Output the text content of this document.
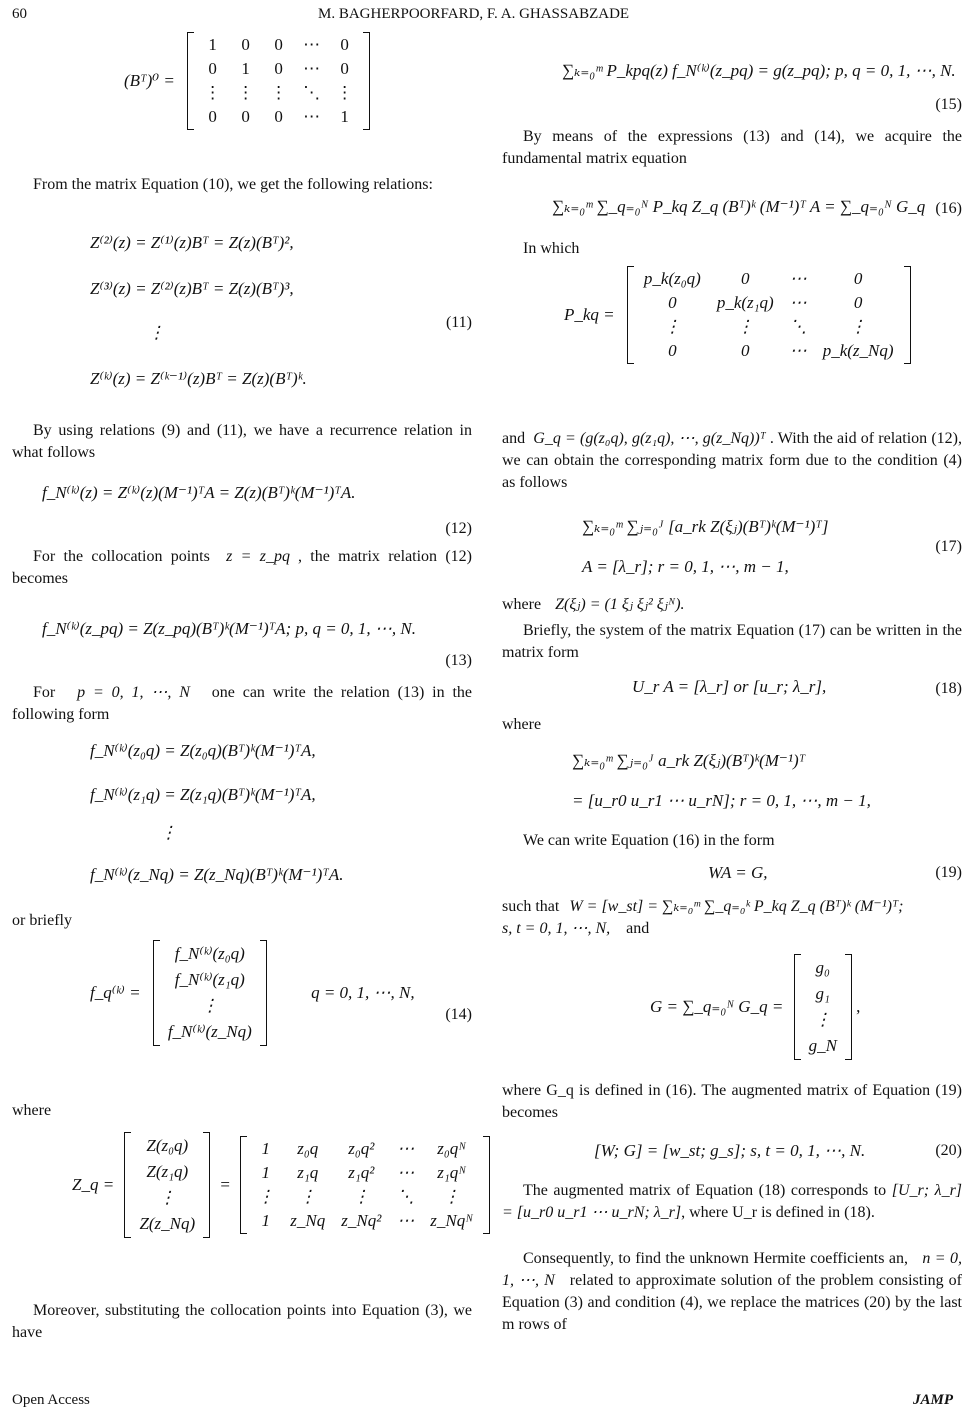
60	M. BAGHERPOORFARD, F. A. GHASSABZADE
(Bᵀ)⁰ =
1	0	0	⋯	0
0	1	0	⋯	0
⋮	⋮	⋮	⋱	⋮
0	0	0	⋯	1

From the matrix Equation (10), we get the following relations:

Z⁽²⁾(z) = Z⁽¹⁾(z)Bᵀ = Z(z)(Bᵀ)²,
Z⁽³⁾(z) = Z⁽²⁾(z)Bᵀ = Z(z)(Bᵀ)³,
⋮
Z⁽ᵏ⁾(z) = Z⁽ᵏ⁻¹⁾(z)Bᵀ = Z(z)(Bᵀ)ᵏ.
(11)

By using relations (9) and (11), we have a recurrence relation in what follows

f_N⁽ᵏ⁾(z) = Z⁽ᵏ⁾(z)(M⁻¹)ᵀA = Z(z)(Bᵀ)ᵏ(M⁻¹)ᵀA.
(12)

For the collocation points z = z_pq , the matrix relation (12) becomes

f_N⁽ᵏ⁾(z_pq) = Z(z_pq)(Bᵀ)ᵏ(M⁻¹)ᵀA; p, q = 0, 1, ⋯, N.
(13)

For p = 0, 1, ⋯, N one can write the relation (13) in the following form

f_N⁽ᵏ⁾(z₀q) = Z(z₀q)(Bᵀ)ᵏ(M⁻¹)ᵀA,
f_N⁽ᵏ⁾(z₁q) = Z(z₁q)(Bᵀ)ᵏ(M⁻¹)ᵀA,
⋮
f_N⁽ᵏ⁾(z_Nq) = Z(z_Nq)(Bᵀ)ᵏ(M⁻¹)ᵀA.

or briefly

f_q⁽ᵏ⁾ =
f_N⁽ᵏ⁾(z₀q)
f_N⁽ᵏ⁾(z₁q)
⋮
f_N⁽ᵏ⁾(z_Nq)
q = 0, 1, ⋯, N,
(14)

where

Z_q =
Z(z₀q)
Z(z₁q)
⋮
Z(z_Nq)
=
1	z₀q	z₀q²	⋯	z₀qᴺ
1	z₁q	z₁q²	⋯	z₁qᴺ
⋮	⋮	⋮	⋱	⋮
1	z_Nq	z_Nq²	⋯	z_Nqᴺ

Moreover, substituting the collocation points into Equation (3), we have

∑ₖ₌₀ᵐ P_kpq(z) f_N⁽ᵏ⁾(z_pq) = g(z_pq); p, q = 0, 1, ⋯, N.
(15)

By means of the expressions (13) and (14), we acquire the fundamental matrix equation

∑ₖ₌₀ᵐ ∑_q₌₀ᴺ P_kq Z_q (Bᵀ)ᵏ (M⁻¹)ᵀ A = ∑_q₌₀ᴺ G_q (16)

In which

P_kq =
p_k(z₀q)	0	⋯	0
0	p_k(z₁q)	⋯	0
⋮	⋮	⋱	⋮
0	0	⋯	p_k(z_Nq)

and G_q = (g(z₀q), g(z₁q), ⋯, g(z_Nq))ᵀ . With the aid of relation (12), we can obtain the corresponding matrix form due to the condition (4) as follows

∑ₖ₌₀ᵐ ∑ⱼ₌₀ᴶ [a_rk Z(ξⱼ)(Bᵀ)ᵏ(M⁻¹)ᵀ]
A = [λ_r]; r = 0, 1, ⋯, m − 1,
(17)

where Z(ξⱼ) = (1 ξⱼ ξⱼ² ξⱼᴺ).

Briefly, the system of the matrix Equation (17) can be written in the matrix form

U_r A = [λ_r] or [u_r; λ_r],	(18)

where

∑ₖ₌₀ᵐ ∑ⱼ₌₀ᴶ a_rk Z(ξⱼ)(Bᵀ)ᵏ(M⁻¹)ᵀ
= [u_r0 u_r1 ⋯ u_rN]; r = 0, 1, ⋯, m − 1,

We can write Equation (16) in the form

WA = G,	(19)

such that W = [w_st] = ∑ₖ₌₀ᵐ ∑_q₌₀ᵏ P_kq Z_q (Bᵀ)ᵏ (M⁻¹)ᵀ;
s, t = 0, 1, ⋯, N, and

G = ∑_q₌₀ᴺ G_q =
g₀
g₁
⋮
g_N
,

where G_q is defined in (16). The augmented matrix of Equation (19) becomes

[W; G] = [w_st; g_s]; s, t = 0, 1, ⋯, N.	(20)

The augmented matrix of Equation (18) corresponds to [U_r; λ_r] = [u_r0 u_r1 ⋯ u_rN; λ_r], where U_r is defined in (18).

Consequently, to find the unknown Hermite coefficients an, n = 0, 1, ⋯, N related to approximate solution of the problem consisting of Equation (3) and condition (4), we replace the matrices (20) by the last m rows of

Open Access	JAMP
